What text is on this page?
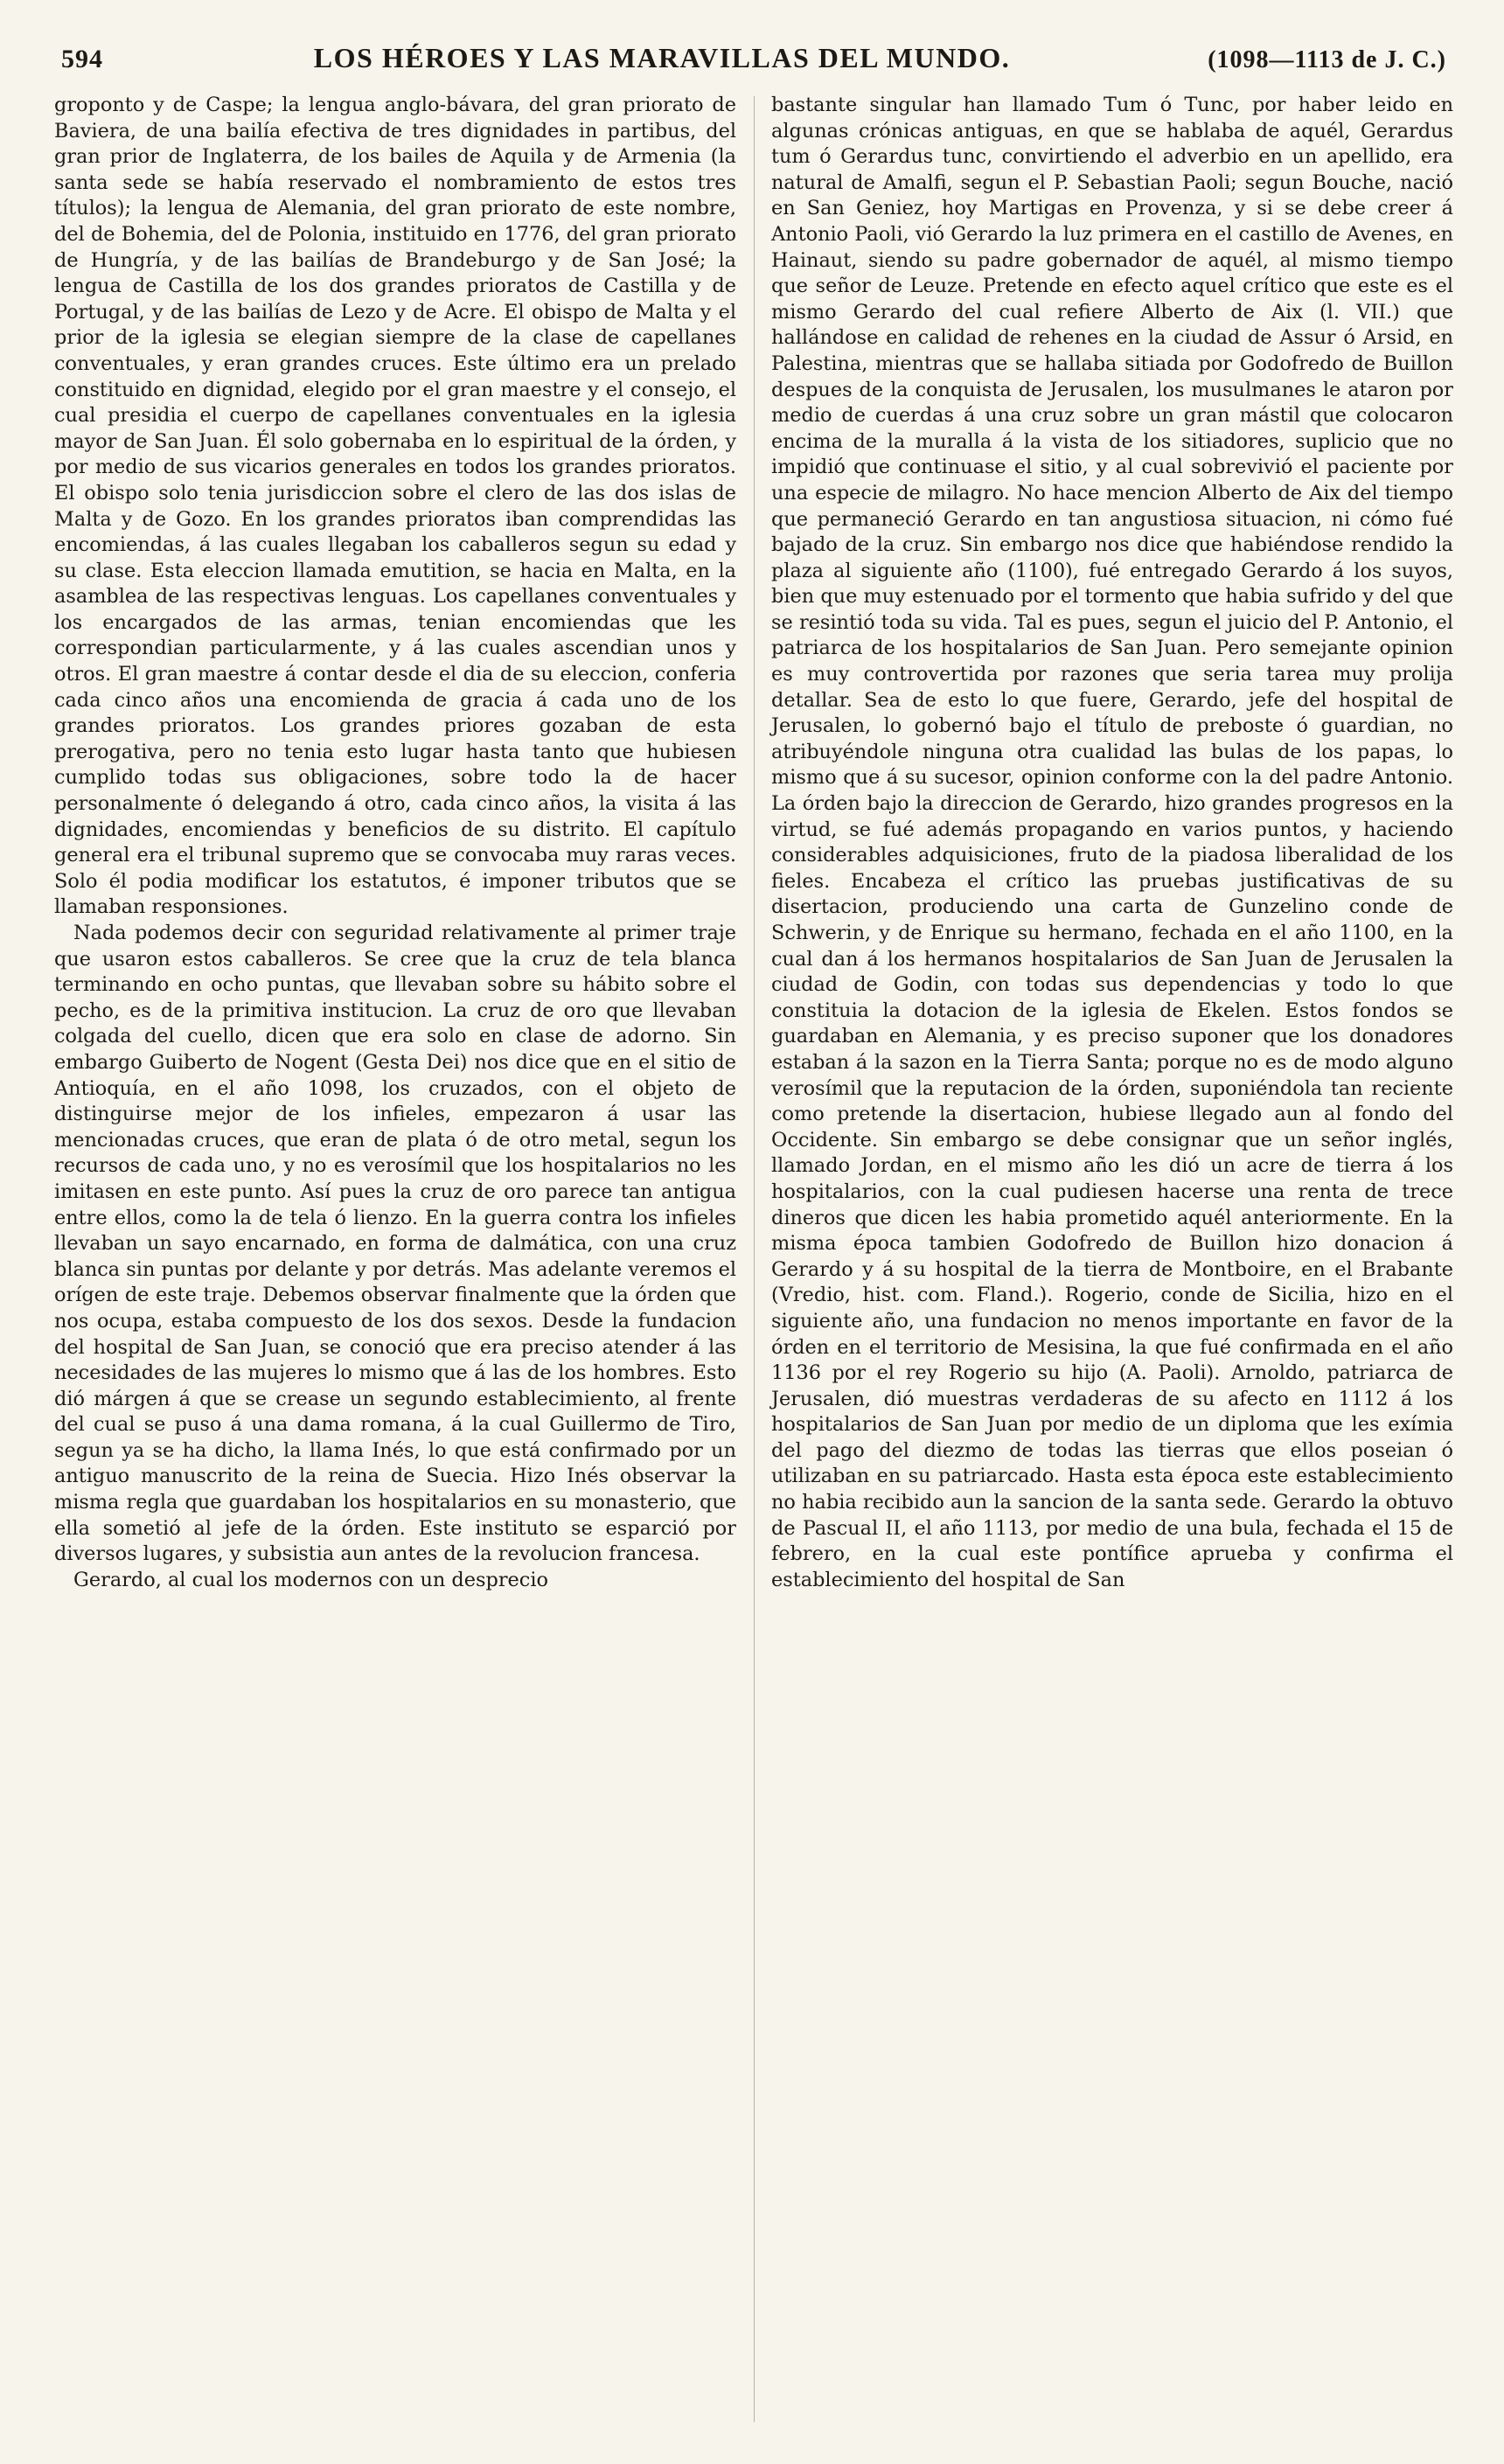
594	LOS HÉROES Y LAS MARAVILLAS DEL MUNDO.	(1098—1113 de J. C.)

groponto y de Caspe; la lengua anglo-bávara, del gran priorato de Baviera, de una bailía efectiva de tres dignidades in partibus, del gran prior de Inglaterra, de los bailes de Aquila y de Armenia (la santa sede se había reservado el nombramiento de estos tres títulos); la lengua de Alemania, del gran priorato de este nombre, del de Bohemia, del de Polonia, instituido en 1776, del gran priorato de Hungría, y de las bailías de Brandeburgo y de San José; la lengua de Castilla de los dos grandes prioratos de Castilla y de Portugal, y de las bailías de Lezo y de Acre. El obispo de Malta y el prior de la iglesia se elegian siempre de la clase de capellanes conventuales, y eran grandes cruces. Este último era un prelado constituido en dignidad, elegido por el gran maestre y el consejo, el cual presidia el cuerpo de capellanes conventuales en la iglesia mayor de San Juan. Él solo gobernaba en lo espiritual de la órden, y por medio de sus vicarios generales en todos los grandes prioratos. El obispo solo tenia jurisdiccion sobre el clero de las dos islas de Malta y de Gozo. En los grandes prioratos iban comprendidas las encomiendas, á las cuales llegaban los caballeros segun su edad y su clase. Esta eleccion llamada emutition, se hacia en Malta, en la asamblea de las respectivas lenguas. Los capellanes conventuales y los encargados de las armas, tenian encomiendas que les correspondian particularmente, y á las cuales ascendian unos y otros. El gran maestre á contar desde el dia de su eleccion, conferia cada cinco años una encomienda de gracia á cada uno de los grandes prioratos. Los grandes priores gozaban de esta prerogativa, pero no tenia esto lugar hasta tanto que hubiesen cumplido todas sus obligaciones, sobre todo la de hacer personalmente ó delegando á otro, cada cinco años, la visita á las dignidades, encomiendas y beneficios de su distrito. El capítulo general era el tribunal supremo que se convocaba muy raras veces. Solo él podia modificar los estatutos, é imponer tributos que se llamaban responsiones.

Nada podemos decir con seguridad relativamente al primer traje que usaron estos caballeros. Se cree que la cruz de tela blanca terminando en ocho puntas, que llevaban sobre su hábito sobre el pecho, es de la primitiva institucion. La cruz de oro que llevaban colgada del cuello, dicen que era solo en clase de adorno. Sin embargo Guiberto de Nogent (Gesta Dei) nos dice que en el sitio de Antioquía, en el año 1098, los cruzados, con el objeto de distinguirse mejor de los infieles, empezaron á usar las mencionadas cruces, que eran de plata ó de otro metal, segun los recursos de cada uno, y no es verosímil que los hospitalarios no les imitasen en este punto. Así pues la cruz de oro parece tan antigua entre ellos, como la de tela ó lienzo. En la guerra contra los infieles llevaban un sayo encarnado, en forma de dalmática, con una cruz blanca sin puntas por delante y por detrás. Mas adelante veremos el orígen de este traje. Debemos observar finalmente que la órden que nos ocupa, estaba compuesto de los dos sexos. Desde la fundacion del hospital de San Juan, se conoció que era preciso atender á las necesidades de las mujeres lo mismo que á las de los hombres. Esto dió márgen á que se crease un segundo establecimiento, al frente del cual se puso á una dama romana, á la cual Guillermo de Tiro, segun ya se ha dicho, la llama Inés, lo que está confirmado por un antiguo manuscrito de la reina de Suecia. Hizo Inés observar la misma regla que guardaban los hospitalarios en su monasterio, que ella sometió al jefe de la órden. Este instituto se esparció por diversos lugares, y subsistia aun antes de la revolucion francesa.

Gerardo, al cual los modernos con un desprecio

bastante singular han llamado Tum ó Tunc, por haber leido en algunas crónicas antiguas, en que se hablaba de aquél, Gerardus tum ó Gerardus tunc, convirtiendo el adverbio en un apellido, era natural de Amalfi, segun el P. Sebastian Paoli; segun Bouche, nació en San Geniez, hoy Martigas en Provenza, y si se debe creer á Antonio Paoli, vió Gerardo la luz primera en el castillo de Avenes, en Hainaut, siendo su padre gobernador de aquél, al mismo tiempo que señor de Leuze. Pretende en efecto aquel crítico que este es el mismo Gerardo del cual refiere Alberto de Aix (l. VII.) que hallándose en calidad de rehenes en la ciudad de Assur ó Arsid, en Palestina, mientras que se hallaba sitiada por Godofredo de Buillon despues de la conquista de Jerusalen, los musulmanes le ataron por medio de cuerdas á una cruz sobre un gran mástil que colocaron encima de la muralla á la vista de los sitiadores, suplicio que no impidió que continuase el sitio, y al cual sobrevivió el paciente por una especie de milagro. No hace mencion Alberto de Aix del tiempo que permaneció Gerardo en tan angustiosa situacion, ni cómo fué bajado de la cruz. Sin embargo nos dice que habiéndose rendido la plaza al siguiente año (1100), fué entregado Gerardo á los suyos, bien que muy estenuado por el tormento que habia sufrido y del que se resintió toda su vida. Tal es pues, segun el juicio del P. Antonio, el patriarca de los hospitalarios de San Juan. Pero semejante opinion es muy controvertida por razones que seria tarea muy prolija detallar. Sea de esto lo que fuere, Gerardo, jefe del hospital de Jerusalen, lo gobernó bajo el título de preboste ó guardian, no atribuyéndole ninguna otra cualidad las bulas de los papas, lo mismo que á su sucesor, opinion conforme con la del padre Antonio. La órden bajo la direccion de Gerardo, hizo grandes progresos en la virtud, se fué además propagando en varios puntos, y haciendo considerables adquisiciones, fruto de la piadosa liberalidad de los fieles. Encabeza el crítico las pruebas justificativas de su disertacion, produciendo una carta de Gunzelino conde de Schwerin, y de Enrique su hermano, fechada en el año 1100, en la cual dan á los hermanos hospitalarios de San Juan de Jerusalen la ciudad de Godin, con todas sus dependencias y todo lo que constituia la dotacion de la iglesia de Ekelen. Estos fondos se guardaban en Alemania, y es preciso suponer que los donadores estaban á la sazon en la Tierra Santa; porque no es de modo alguno verosímil que la reputacion de la órden, suponiéndola tan reciente como pretende la disertacion, hubiese llegado aun al fondo del Occidente. Sin embargo se debe consignar que un señor inglés, llamado Jordan, en el mismo año les dió un acre de tierra á los hospitalarios, con la cual pudiesen hacerse una renta de trece dineros que dicen les habia prometido aquél anteriormente. En la misma época tambien Godofredo de Buillon hizo donacion á Gerardo y á su hospital de la tierra de Montboire, en el Brabante (Vredio, hist. com. Fland.). Rogerio, conde de Sicilia, hizo en el siguiente año, una fundacion no menos importante en favor de la órden en el territorio de Mesisina, la que fué confirmada en el año 1136 por el rey Rogerio su hijo (A. Paoli). Arnoldo, patriarca de Jerusalen, dió muestras verdaderas de su afecto en 1112 á los hospitalarios de San Juan por medio de un diploma que les exímia del pago del diezmo de todas las tierras que ellos poseian ó utilizaban en su patriarcado. Hasta esta época este establecimiento no habia recibido aun la sancion de la santa sede. Gerardo la obtuvo de Pascual II, el año 1113, por medio de una bula, fechada el 15 de febrero, en la cual este pontífice aprueba y confirma el establecimiento del hospital de San
